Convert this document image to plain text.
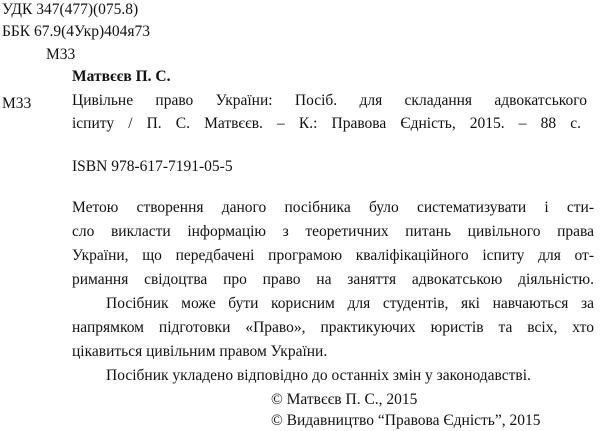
УДК 347(477)(075.8)
ББК 67.9(4Укр)404я73
М33
Матвєєв П. С.
М33	Цивільне право України: Посіб. для складання адвокатського
іспиту / П. С. Матвєєв. – К.: Правова Єдність, 2015. – 88 с.
ISBN 978-617-7191-05-5
Метою створення даного посібника було систематизувати і сти-
сло викласти інформацію з теоретичних питань цивільного права
України, що передбачені програмою кваліфікаційного іспиту для от-
римання свідоцтва про право на заняття адвокатською діяльністю.
Посібник може бути корисним для студентів, які навчаються за
напрямком підготовки «Право», практикуючих юристів та всіх, хто
цікавиться цивільним правом України.
Посібник укладено відповідно до останніх змін у законодавстві.
© Матвєєв П. С., 2015
© Видавництво “Правова Єдність”, 2015
